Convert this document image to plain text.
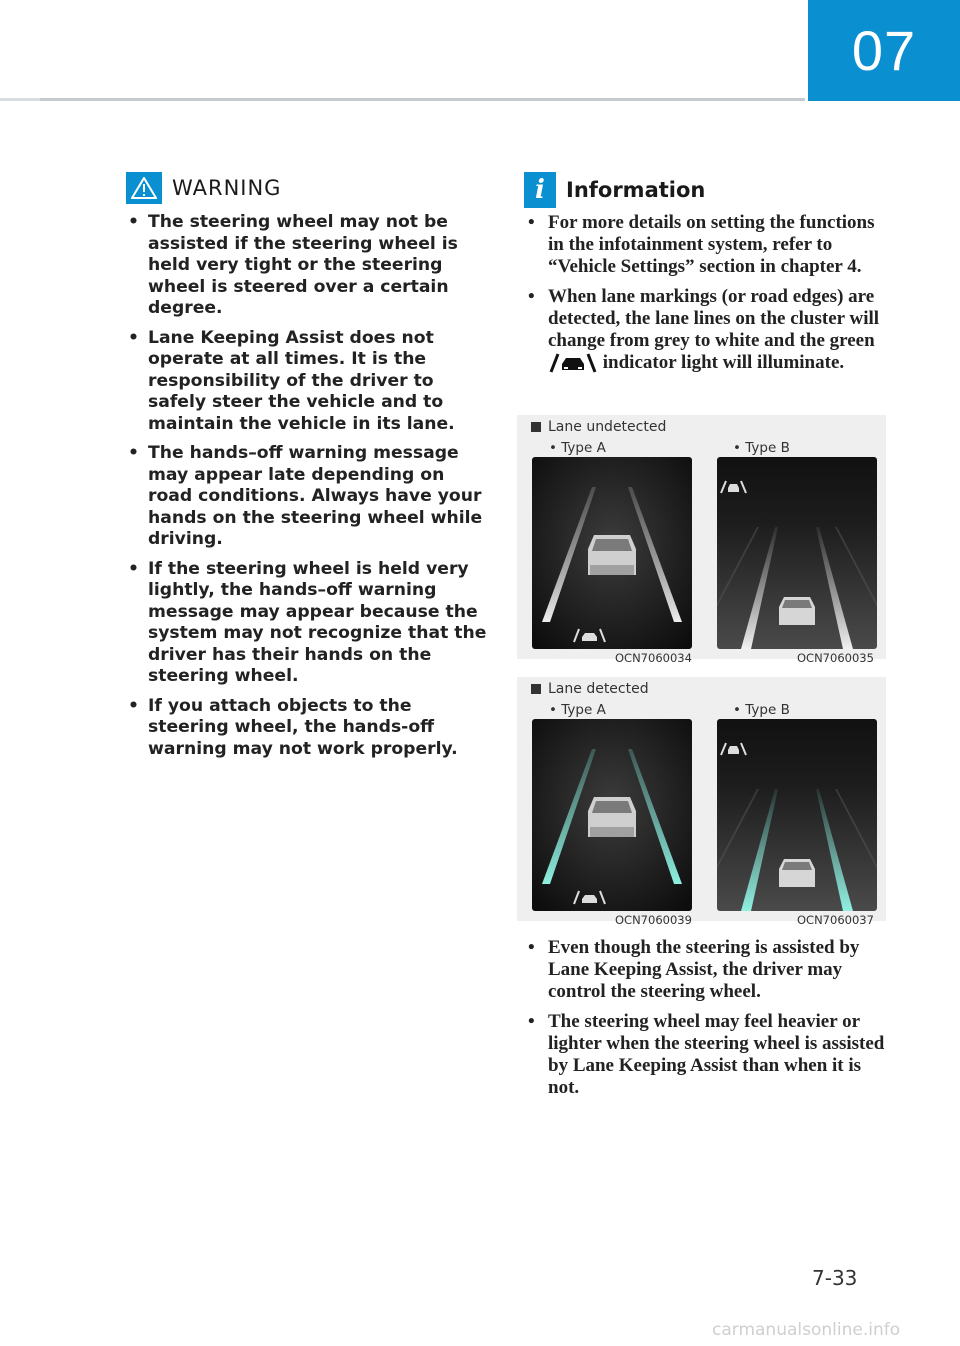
07
WARNING
• The steering wheel may not be assisted if the steering wheel is held very tight or the steering wheel is steered over a certain degree.
• Lane Keeping Assist does not operate at all times. It is the responsibility of the driver to safely steer the vehicle and to maintain the vehicle in its lane.
• The hands–off warning message may appear late depending on road conditions. Always have your hands on the steering wheel while driving.
• If the steering wheel is held very lightly, the hands–off warning message may appear because the system may not recognize that the driver has their hands on the steering wheel.
• If you attach objects to the steering wheel, the hands-off warning may not work properly.
i	Information
• For more details on setting the functions in the infotainment system, refer to “Vehicle Settings” section in chapter 4.
• When lane markings (or road edges) are detected, the lane lines on the cluster will change from grey to white and the green  indicator light will illuminate.
Lane undetected
• Type A	• Type B
OCN7060034	OCN7060035
Lane detected
• Type A	• Type B
OCN7060039	OCN7060037
• Even though the steering is assisted by Lane Keeping Assist, the driver may control the steering wheel.
• The steering wheel may feel heavier or lighter when the steering wheel is assisted by Lane Keeping Assist than when it is not.
7-33
carmanualsonline.info
